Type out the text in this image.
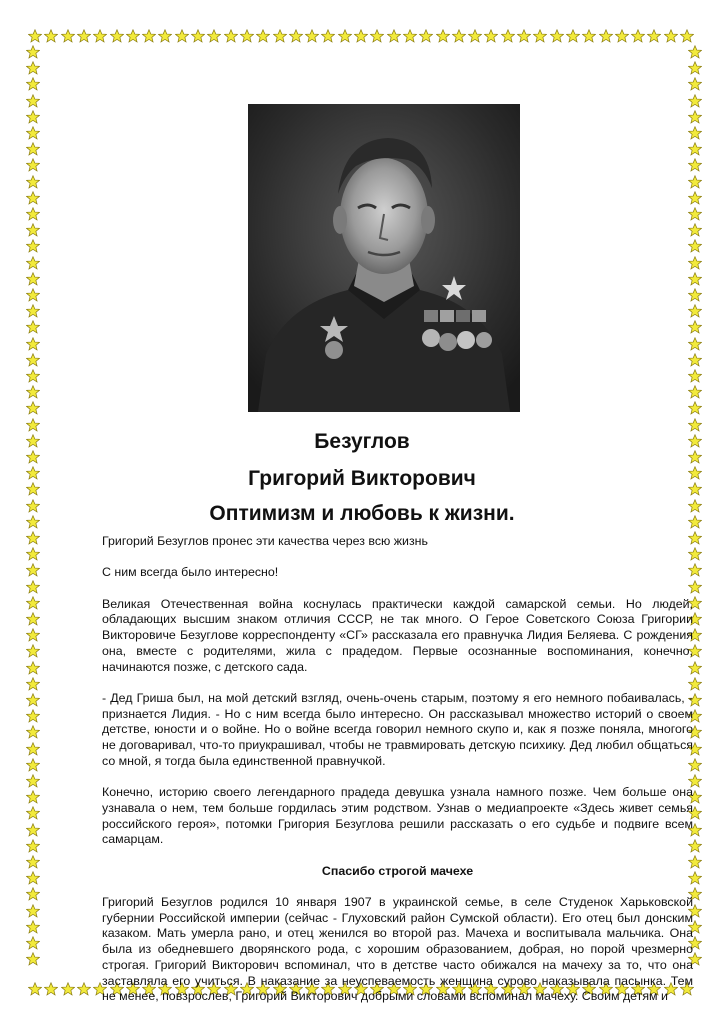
Безуглов
Григорий Викторович
Оптимизм и любовь к жизни.

Григорий Безуглов пронес эти качества через всю жизнь

С ним всегда было интересно!

Великая Отечественная война коснулась практически каждой самарской семьи. Но людей, обладающих высшим знаком отличия СССР, не так много. О Герое Советского Союза Григории Викторовиче Безуглове корреспонденту «СГ» рассказала его правнучка Лидия Беляева. С рождения она, вместе с родителями, жила с прадедом. Первые осознанные воспоминания, конечно, начинаются позже, с детского сада.

- Дед Гриша был, на мой детский взгляд, очень-очень старым, поэтому я его немного побаивалась, - признается Лидия. - Но с ним всегда было интересно. Он рассказывал множество историй о своем детстве, юности и о войне. Но о войне всегда говорил немного скупо и, как я позже поняла, многого не договаривал, что-то приукрашивал, чтобы не травмировать детскую психику. Дед любил общаться со мной, я тогда была единственной правнучкой.

Конечно, историю своего легендарного прадеда девушка узнала намного позже. Чем больше она узнавала о нем, тем больше гордилась этим родством. Узнав о медиапроекте «Здесь живет семья российского героя», потомки Григория Безуглова решили рассказать о его судьбе и подвиге всем самарцам.

Спасибо строгой мачехе

Григорий Безуглов родился 10 января 1907 в украинской семье, в селе Студенок Харьковской губернии Российской империи (сейчас - Глуховский район Сумской области). Его отец был донским казаком. Мать умерла рано, и отец женился во второй раз. Мачеха и воспитывала мальчика. Она была из обедневшего дворянского рода, с хорошим образованием, добрая, но порой чрезмерно строгая. Григорий Викторович вспоминал, что в детстве часто обижался на мачеху за то, что она заставляла его учиться. В наказание за неуспеваемость женщина сурово наказывала пасынка. Тем не менее, повзрослев, Григорий Викторович добрыми словами вспоминал мачеху. Своим детям и
